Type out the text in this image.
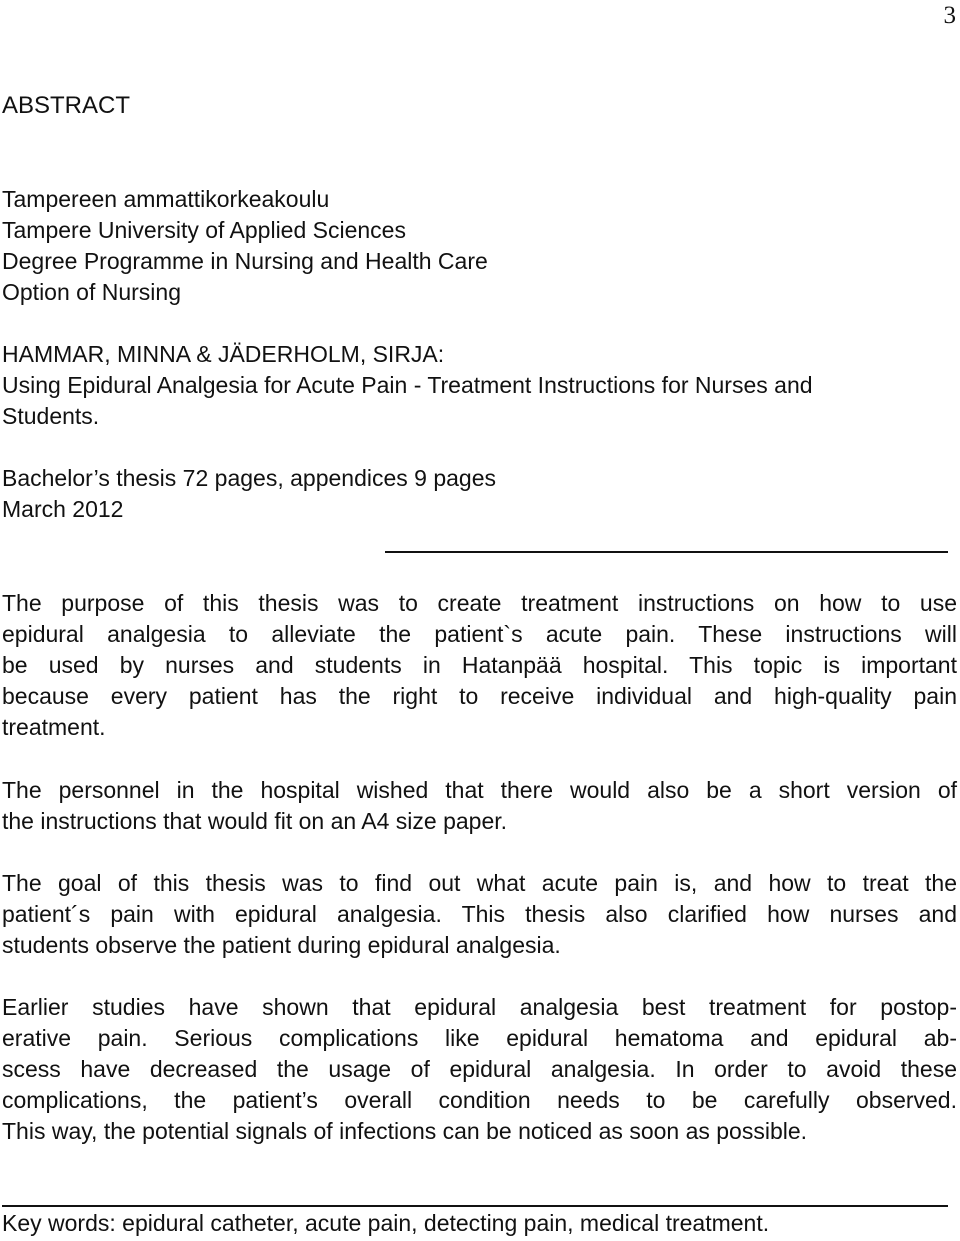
3
ABSTRACT
Tampereen ammattikorkeakoulu
Tampere University of Applied Sciences
Degree Programme in Nursing and Health Care
Option of Nursing
HAMMAR, MINNA & JÄDERHOLM, SIRJA:
Using Epidural Analgesia for Acute Pain - Treatment Instructions for Nurses and
Students.
Bachelor’s thesis 72 pages, appendices 9 pages
March 2012
The purpose of this thesis was to create treatment instructions on how to use
epidural analgesia to alleviate the patient`s acute pain. These instructions will
be used by nurses and students in Hatanpää hospital. This topic is important
because every patient has the right to receive individual and high-quality pain
treatment.
The personnel in the hospital wished that there would also be a short version of
the instructions that would fit on an A4 size paper.
The goal of this thesis was to find out what acute pain is, and how to treat the
patient´s pain with epidural analgesia. This thesis also clarified how nurses and
students observe the patient during epidural analgesia.
Earlier studies have shown that epidural analgesia best treatment for postop-
erative pain. Serious complications like epidural hematoma and epidural ab-
scess have decreased the usage of epidural analgesia. In order to avoid these
complications, the patient’s overall condition needs to be carefully observed.
This way, the potential signals of infections can be noticed as soon as possible.
Key words: epidural catheter, acute pain, detecting pain, medical treatment.
